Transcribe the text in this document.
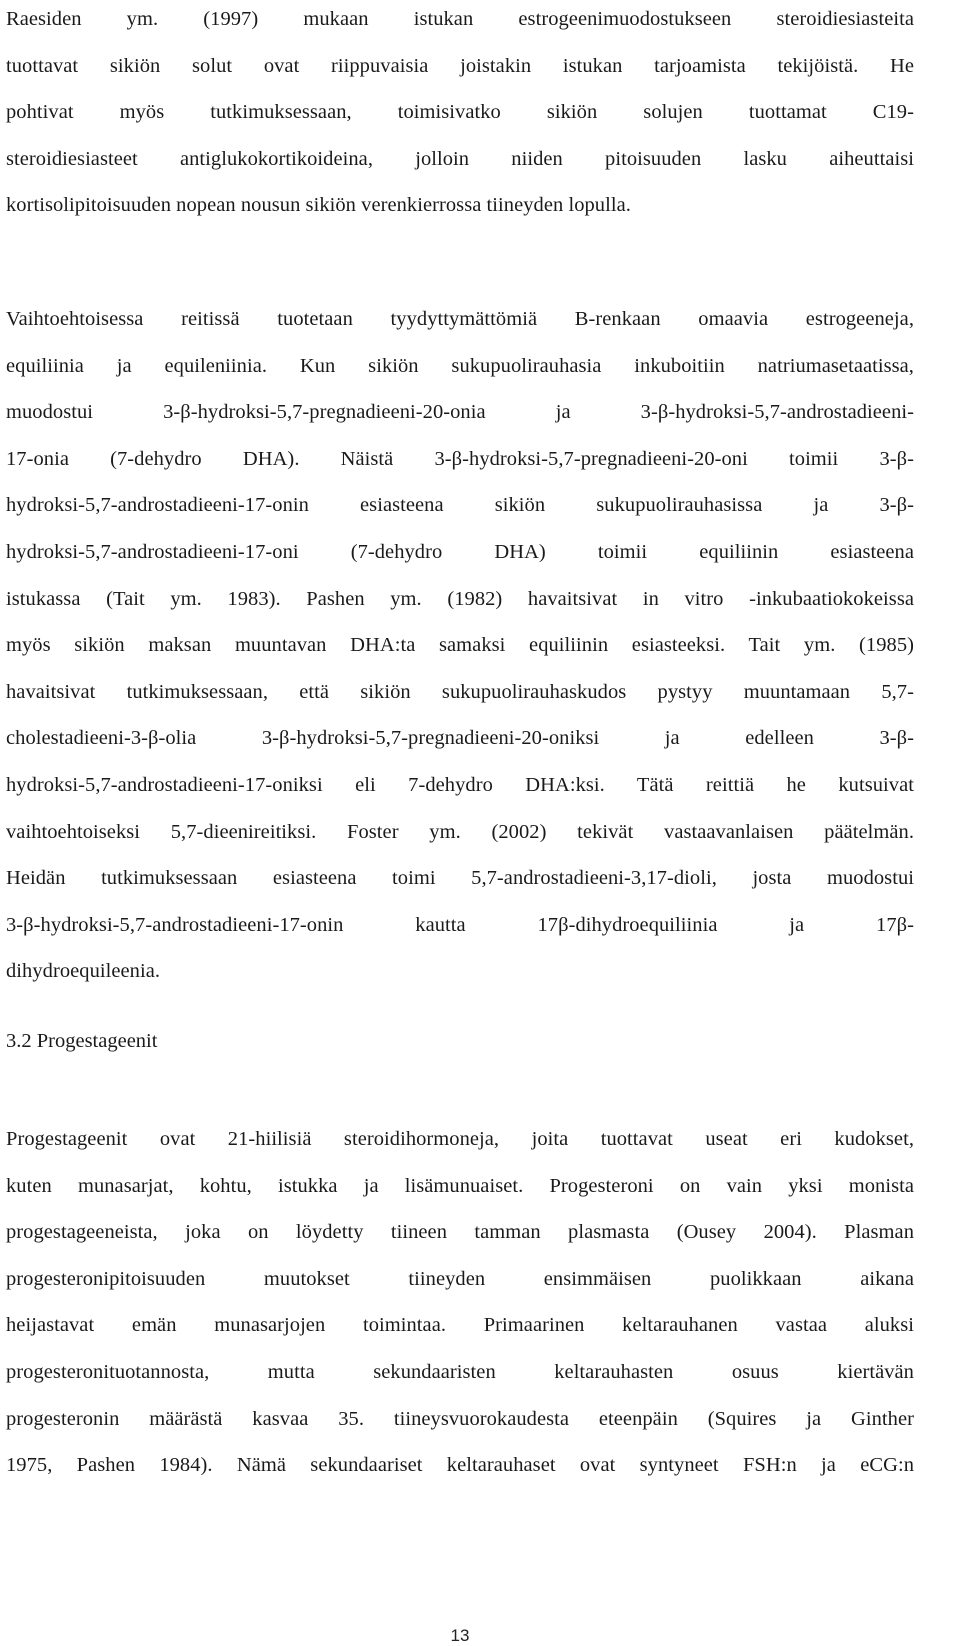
Raesiden ym. (1997) mukaan istukan estrogeenimuodostukseen steroidiesiasteita
tuottavat sikiön solut ovat riippuvaisia joistakin istukan tarjoamista tekijöistä. He
pohtivat myös tutkimuksessaan, toimisivatko sikiön solujen tuottamat C19-
steroidiesiasteet antiglukokortikoideina, jolloin niiden pitoisuuden lasku aiheuttaisi
kortisolipitoisuuden nopean nousun sikiön verenkierrossa tiineyden lopulla.

Vaihtoehtoisessa reitissä tuotetaan tyydyttymättömiä B-renkaan omaavia estrogeeneja,
equiliinia ja equileniinia. Kun sikiön sukupuolirauhasia inkuboitiin natriumasetaatissa,
muodostui 3-β-hydroksi-5,7-pregnadieeni-20-onia ja 3-β-hydroksi-5,7-androstadieeni-
17-onia (7-dehydro DHA). Näistä 3-β-hydroksi-5,7-pregnadieeni-20-oni toimii 3-β-
hydroksi-5,7-androstadieeni-17-onin esiasteena sikiön sukupuolirauhasissa ja 3-β-
hydroksi-5,7-androstadieeni-17-oni (7-dehydro DHA) toimii equiliinin esiasteena
istukassa (Tait ym. 1983). Pashen ym. (1982) havaitsivat in vitro -inkubaatiokokeissa
myös sikiön maksan muuntavan DHA:ta samaksi equiliinin esiasteeksi. Tait ym. (1985)
havaitsivat tutkimuksessaan, että sikiön sukupuolirauhaskudos pystyy muuntamaan 5,7-
cholestadieeni-3-β-olia 3-β-hydroksi-5,7-pregnadieeni-20-oniksi ja edelleen 3-β-
hydroksi-5,7-androstadieeni-17-oniksi eli 7-dehydro DHA:ksi. Tätä reittiä he kutsuivat
vaihtoehtoiseksi 5,7-dieenireitiksi. Foster ym. (2002) tekivät vastaavanlaisen päätelmän.
Heidän tutkimuksessaan esiasteena toimi 5,7-androstadieeni-3,17-dioli, josta muodostui
3-β-hydroksi-5,7-androstadieeni-17-onin kautta 17β-dihydroequiliinia ja 17β-
dihydroequileenia.

3.2 Progestageenit

Progestageenit ovat 21-hiilisiä steroidihormoneja, joita tuottavat useat eri kudokset,
kuten munasarjat, kohtu, istukka ja lisämunuaiset. Progesteroni on vain yksi monista
progestageeneista, joka on löydetty tiineen tamman plasmasta (Ousey 2004). Plasman
progesteronipitoisuuden muutokset tiineyden ensimmäisen puolikkaan aikana
heijastavat emän munasarjojen toimintaa. Primaarinen keltarauhanen vastaa aluksi
progesteronituotannosta, mutta sekundaaristen keltarauhasten osuus kiertävän
progesteronin määrästä kasvaa 35. tiineysvuorokaudesta eteenpäin (Squires ja Ginther
1975, Pashen 1984). Nämä sekundaariset keltarauhaset ovat syntyneet FSH:n ja eCG:n

13
